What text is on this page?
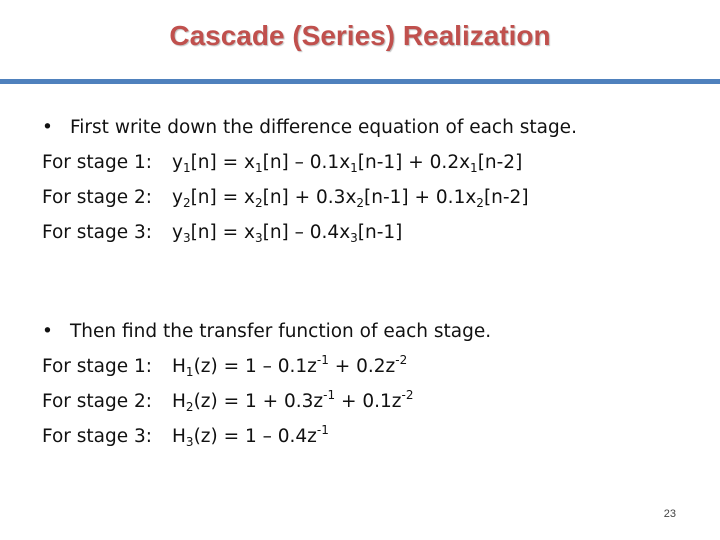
Cascade (Series) Realization
• First write down the difference equation of each stage.
For stage 1: $y_1[n] = x_1[n] - 0.1x_1[n-1] + 0.2x_1[n-2]$
For stage 2: $y_2[n] = x_2[n] + 0.3x_2[n-1] + 0.1x_2[n-2]$
For stage 3: $y_3[n] = x_3[n] - 0.4x_3[n-1]$
• Then find the transfer function of each stage.
For stage 1: $H_1(z) = 1 - 0.1z^{-1} + 0.2z^{-2}$
For stage 2: $H_2(z) = 1 + 0.3z^{-1} + 0.1z^{-2}$
For stage 3: $H_3(z) = 1 - 0.4z^{-1}$
23
